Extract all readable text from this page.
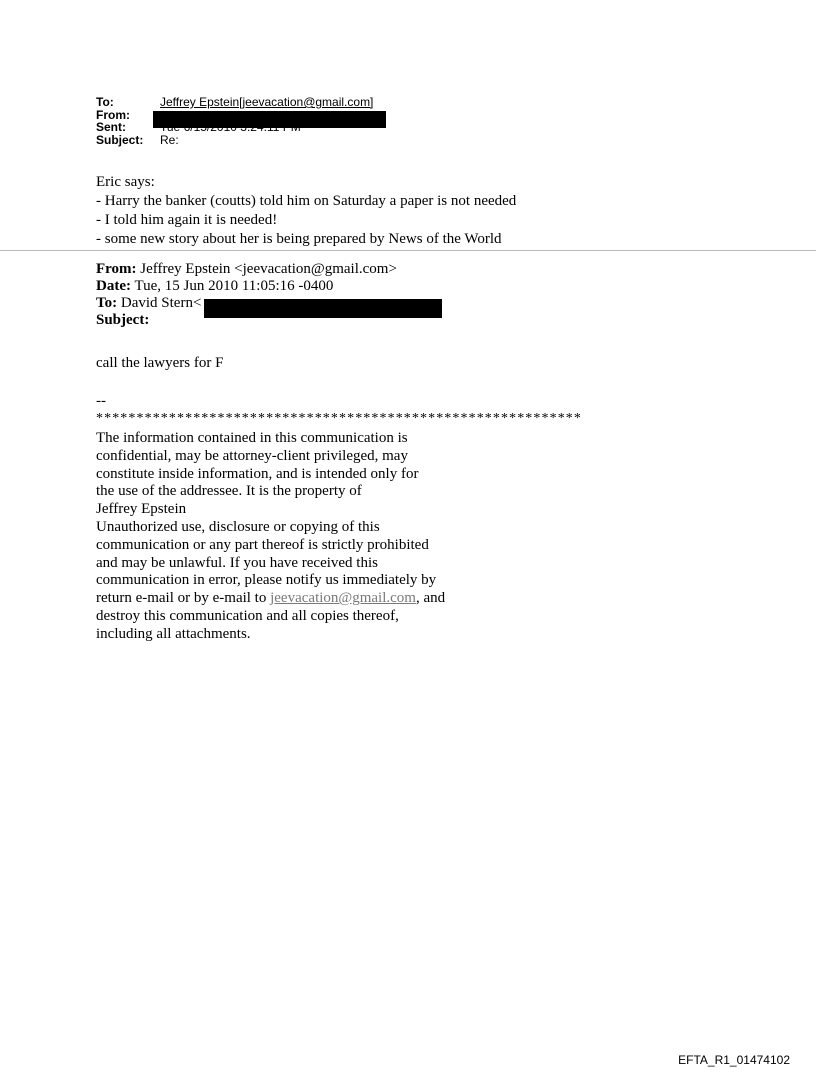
To:	Jeffrey Epstein[jeevacation@gmail.com]
From:
Sent:
Subject:	Re:
Eric says:
- Harry the banker (coutts) told him on Saturday a paper is not needed
- I told him again it is needed!
- some new story about her is being prepared by News of the World
From: Jeffrey Epstein <jeevacation@gmail.com>
Date: Tue, 15 Jun 2010 11:05:16 -0400
To: David Stern<
Subject:
call the lawyers for F
--
************************************************************
The information contained in this communication is
confidential, may be attorney-client privileged, may
constitute inside information, and is intended only for
the use of the addressee. It is the property of
Jeffrey Epstein
Unauthorized use, disclosure or copying of this
communication or any part thereof is strictly prohibited
and may be unlawful. If you have received this
communication in error, please notify us immediately by
return e-mail or by e-mail to jeevacation@gmail.com, and
destroy this communication and all copies thereof,
including all attachments.
EFTA_R1_01474102
